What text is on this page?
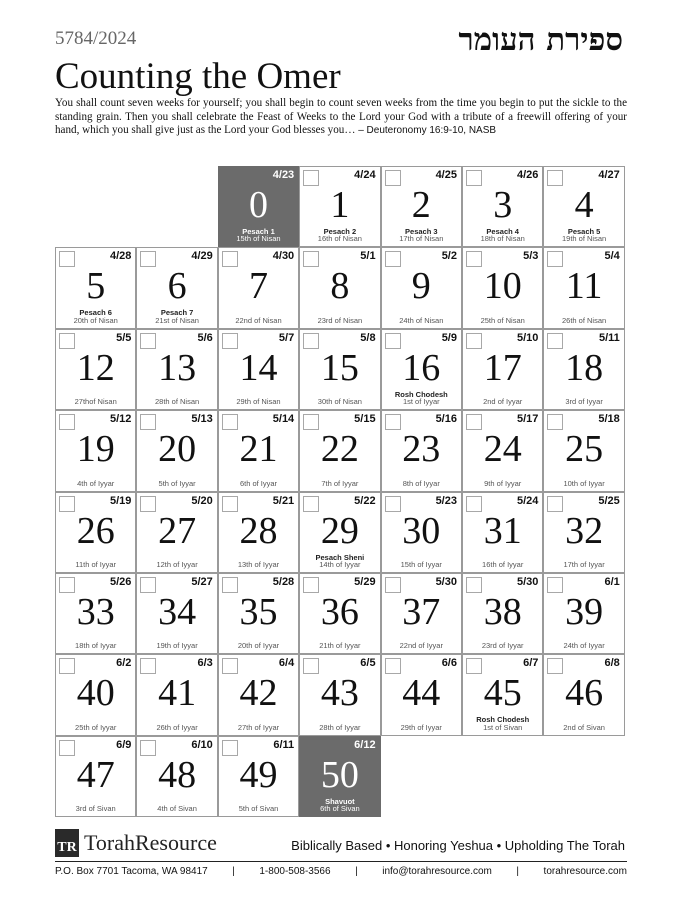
5784/2024	ספירת העומר
Counting the Omer
You shall count seven weeks for yourself; you shall begin to count seven weeks from the time you begin to put the sickle to the standing grain. Then you shall celebrate the Feast of Weeks to the Lord your God with a tribute of a freewill offering of your hand, which you shall give just as the Lord your God blesses you… – Deuteronomy 16:9-10, NASB
4/23
0
Pesach 1
15th of Nisan
4/24
1
Pesach 2
16th of Nisan
4/25
2
Pesach 3
17th of Nisan
4/26
3
Pesach 4
18th of Nisan
4/27
4
Pesach 5
19th of Nisan
4/28
5
Pesach 6
20th of Nisan
4/29
6
Pesach 7
21st of Nisan
4/30
7
22nd of Nisan
5/1
8
23rd of Nisan
5/2
9
24th of Nisan
5/3
10
25th of Nisan
5/4
11
26th of Nisan
5/5
12
27thof Nisan
5/6
13
28th of Nisan
5/7
14
29th of Nisan
5/8
15
30th of Nisan
5/9
16
Rosh Chodesh
1st of Iyyar
5/10
17
2nd of Iyyar
5/11
18
3rd of Iyyar
5/12
19
4th of Iyyar
5/13
20
5th of Iyyar
5/14
21
6th of Iyyar
5/15
22
7th of Iyyar
5/16
23
8th of Iyyar
5/17
24
9th of Iyyar
5/18
25
10th of Iyyar
5/19
26
11th of Iyyar
5/20
27
12th of Iyyar
5/21
28
13th of Iyyar
5/22
29
Pesach Sheni
14th of Iyyar
5/23
30
15th of Iyyar
5/24
31
16th of Iyyar
5/25
32
17th of Iyyar
5/26
33
18th of Iyyar
5/27
34
19th of Iyyar
5/28
35
20th of Iyyar
5/29
36
21th of Iyyar
5/30
37
22nd of Iyyar
5/30
38
23rd of Iyyar
6/1
39
24th of Iyyar
6/2
40
25th of Iyyar
6/3
41
26th of Iyyar
6/4
42
27th of Iyyar
6/5
43
28th of Iyyar
6/6
44
29th of Iyyar
6/7
45
Rosh Chodesh
1st of Sivan
6/8
46
2nd of Sivan
6/9
47
3rd of Sivan
6/10
48
4th of Sivan
6/11
49
5th of Sivan
6/12
50
Shavuot
6th of Sivan
TR TorahResource	Biblically Based • Honoring Yeshua • Upholding The Torah
P.O. Box 7701 Tacoma, WA 98417 | 1-800-508-3566 | info@torahresource.com | torahresource.com
